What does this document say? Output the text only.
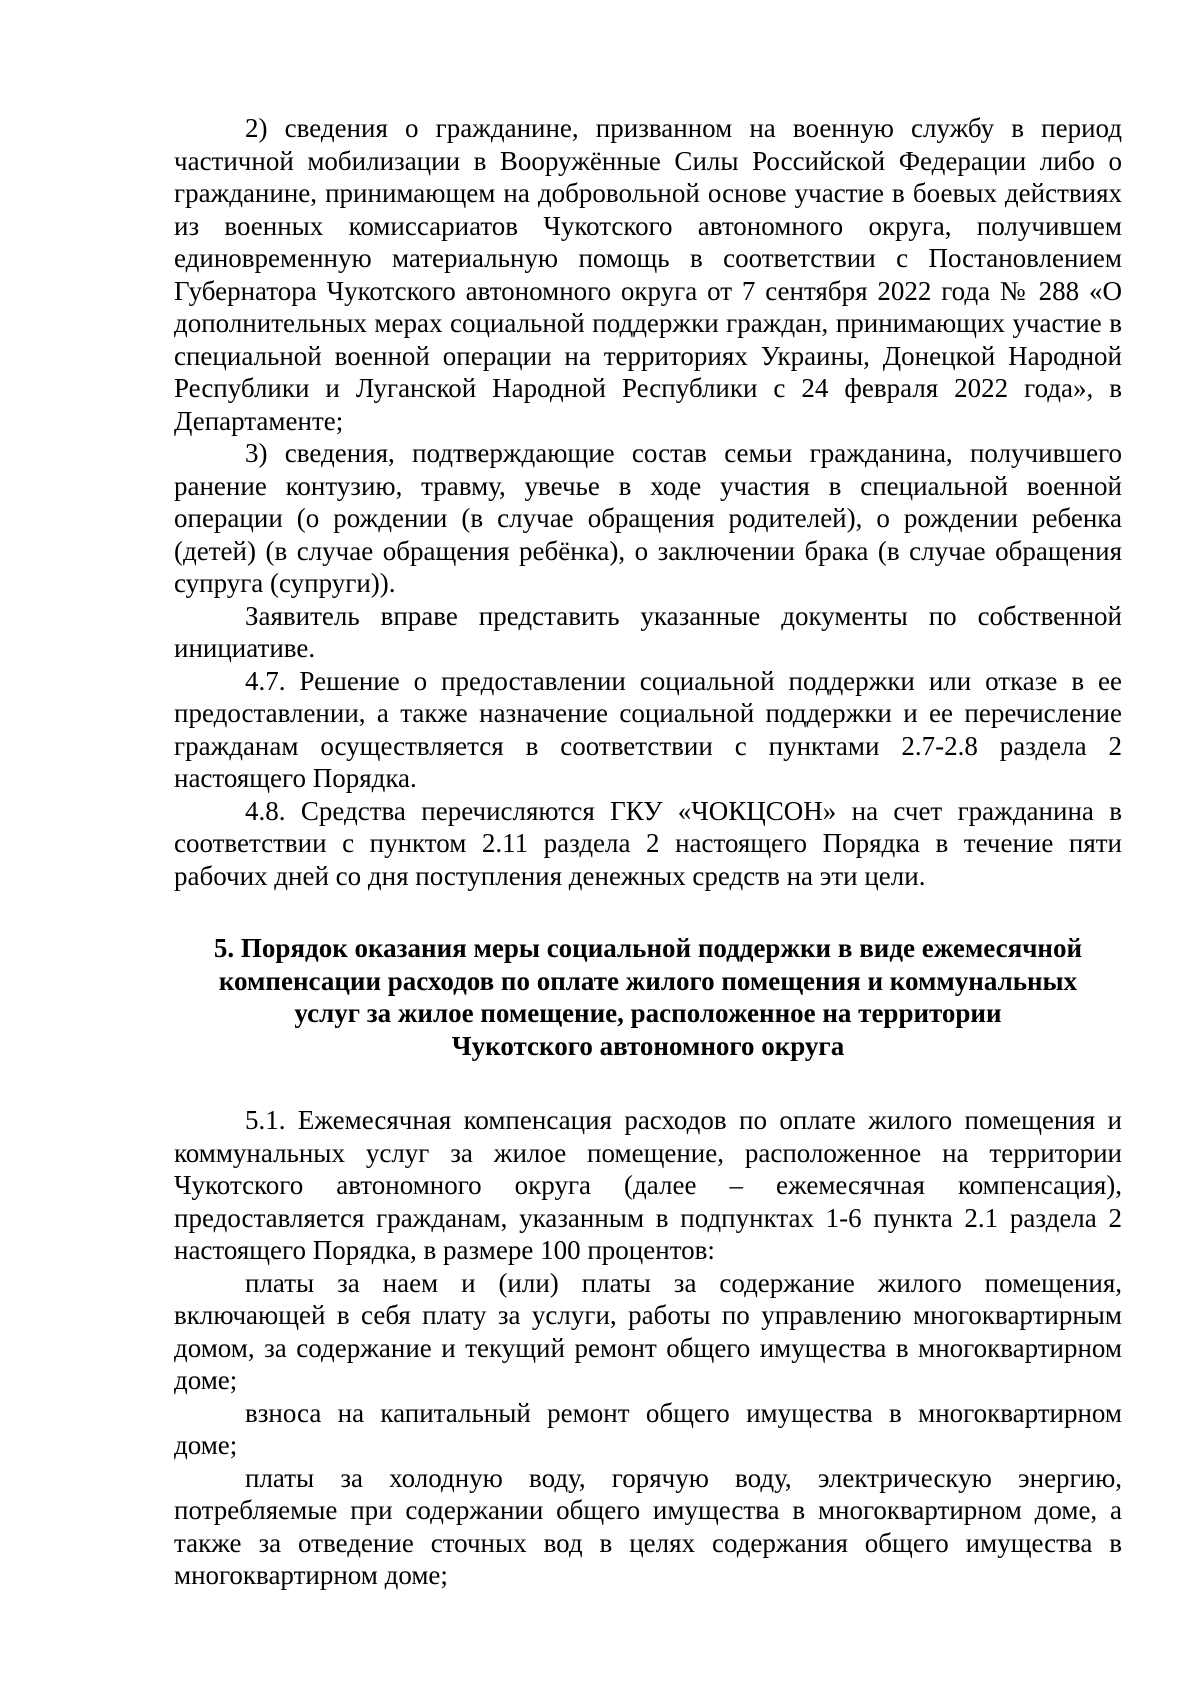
2) сведения о гражданине, призванном на военную службу в период частичной мобилизации в Вооружённые Силы Российской Федерации либо о гражданине, принимающем на добровольной основе участие в боевых действиях из военных комиссариатов Чукотского автономного округа, получившем единовременную материальную помощь в соответствии с Постановлением Губернатора Чукотского автономного округа от 7 сентября 2022 года № 288 «О дополнительных мерах социальной поддержки граждан, принимающих участие в специальной военной операции на территориях Украины, Донецкой Народной Республики и Луганской Народной Республики с 24 февраля 2022 года», в Департаменте;

3) сведения, подтверждающие состав семьи гражданина, получившего ранение контузию, травму, увечье в ходе участия в специальной военной операции (о рождении (в случае обращения родителей), о рождении ребенка (детей) (в случае обращения ребёнка), о заключении брака (в случае обращения супруга (супруги)).

Заявитель вправе представить указанные документы по собственной инициативе.

4.7. Решение о предоставлении социальной поддержки или отказе в ее предоставлении, а также назначение социальной поддержки и ее перечисление гражданам осуществляется в соответствии с пунктами 2.7-2.8 раздела 2 настоящего Порядка.

4.8. Средства перечисляются ГКУ «ЧОКЦСОН» на счет гражданина в соответствии с пунктом 2.11 раздела 2 настоящего Порядка в течение пяти рабочих дней со дня поступления денежных средств на эти цели.

5. Порядок оказания меры социальной поддержки в виде ежемесячной
компенсации расходов по оплате жилого помещения и коммунальных
услуг за жилое помещение, расположенное на территории
Чукотского автономного округа

5.1. Ежемесячная компенсация расходов по оплате жилого помещения и коммунальных услуг за жилое помещение, расположенное на территории Чукотского автономного округа (далее – ежемесячная компенсация), предоставляется гражданам, указанным в подпунктах 1-6 пункта 2.1 раздела 2 настоящего Порядка, в размере 100 процентов:

платы за наем и (или) платы за содержание жилого помещения, включающей в себя плату за услуги, работы по управлению многоквартирным домом, за содержание и текущий ремонт общего имущества в многоквартирном доме;

взноса на капитальный ремонт общего имущества в многоквартирном доме;

платы за холодную воду, горячую воду, электрическую энергию, потребляемые при содержании общего имущества в многоквартирном доме, а также за отведение сточных вод в целях содержания общего имущества в многоквартирном доме;
